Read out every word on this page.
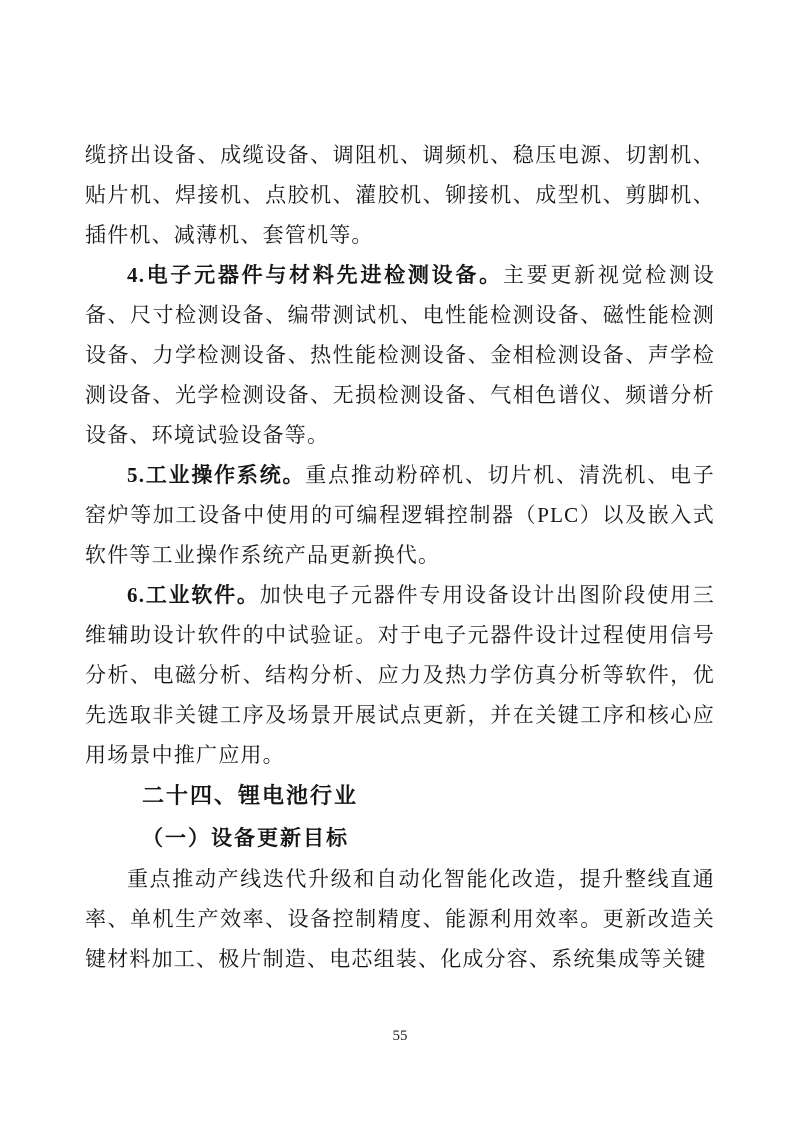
缆挤出设备、成缆设备、调阻机、调频机、稳压电源、切割机、贴片机、焊接机、点胶机、灌胶机、铆接机、成型机、剪脚机、插件机、减薄机、套管机等。

4.电子元器件与材料先进检测设备。主要更新视觉检测设备、尺寸检测设备、编带测试机、电性能检测设备、磁性能检测设备、力学检测设备、热性能检测设备、金相检测设备、声学检测设备、光学检测设备、无损检测设备、气相色谱仪、频谱分析设备、环境试验设备等。

5.工业操作系统。重点推动粉碎机、切片机、清洗机、电子窑炉等加工设备中使用的可编程逻辑控制器（PLC）以及嵌入式软件等工业操作系统产品更新换代。

6.工业软件。加快电子元器件专用设备设计出图阶段使用三维辅助设计软件的中试验证。对于电子元器件设计过程使用信号分析、电磁分析、结构分析、应力及热力学仿真分析等软件，优先选取非关键工序及场景开展试点更新，并在关键工序和核心应用场景中推广应用。

二十四、锂电池行业
（一）设备更新目标

重点推动产线迭代升级和自动化智能化改造，提升整线直通率、单机生产效率、设备控制精度、能源利用效率。更新改造关键材料加工、极片制造、电芯组装、化成分容、系统集成等关键

55
